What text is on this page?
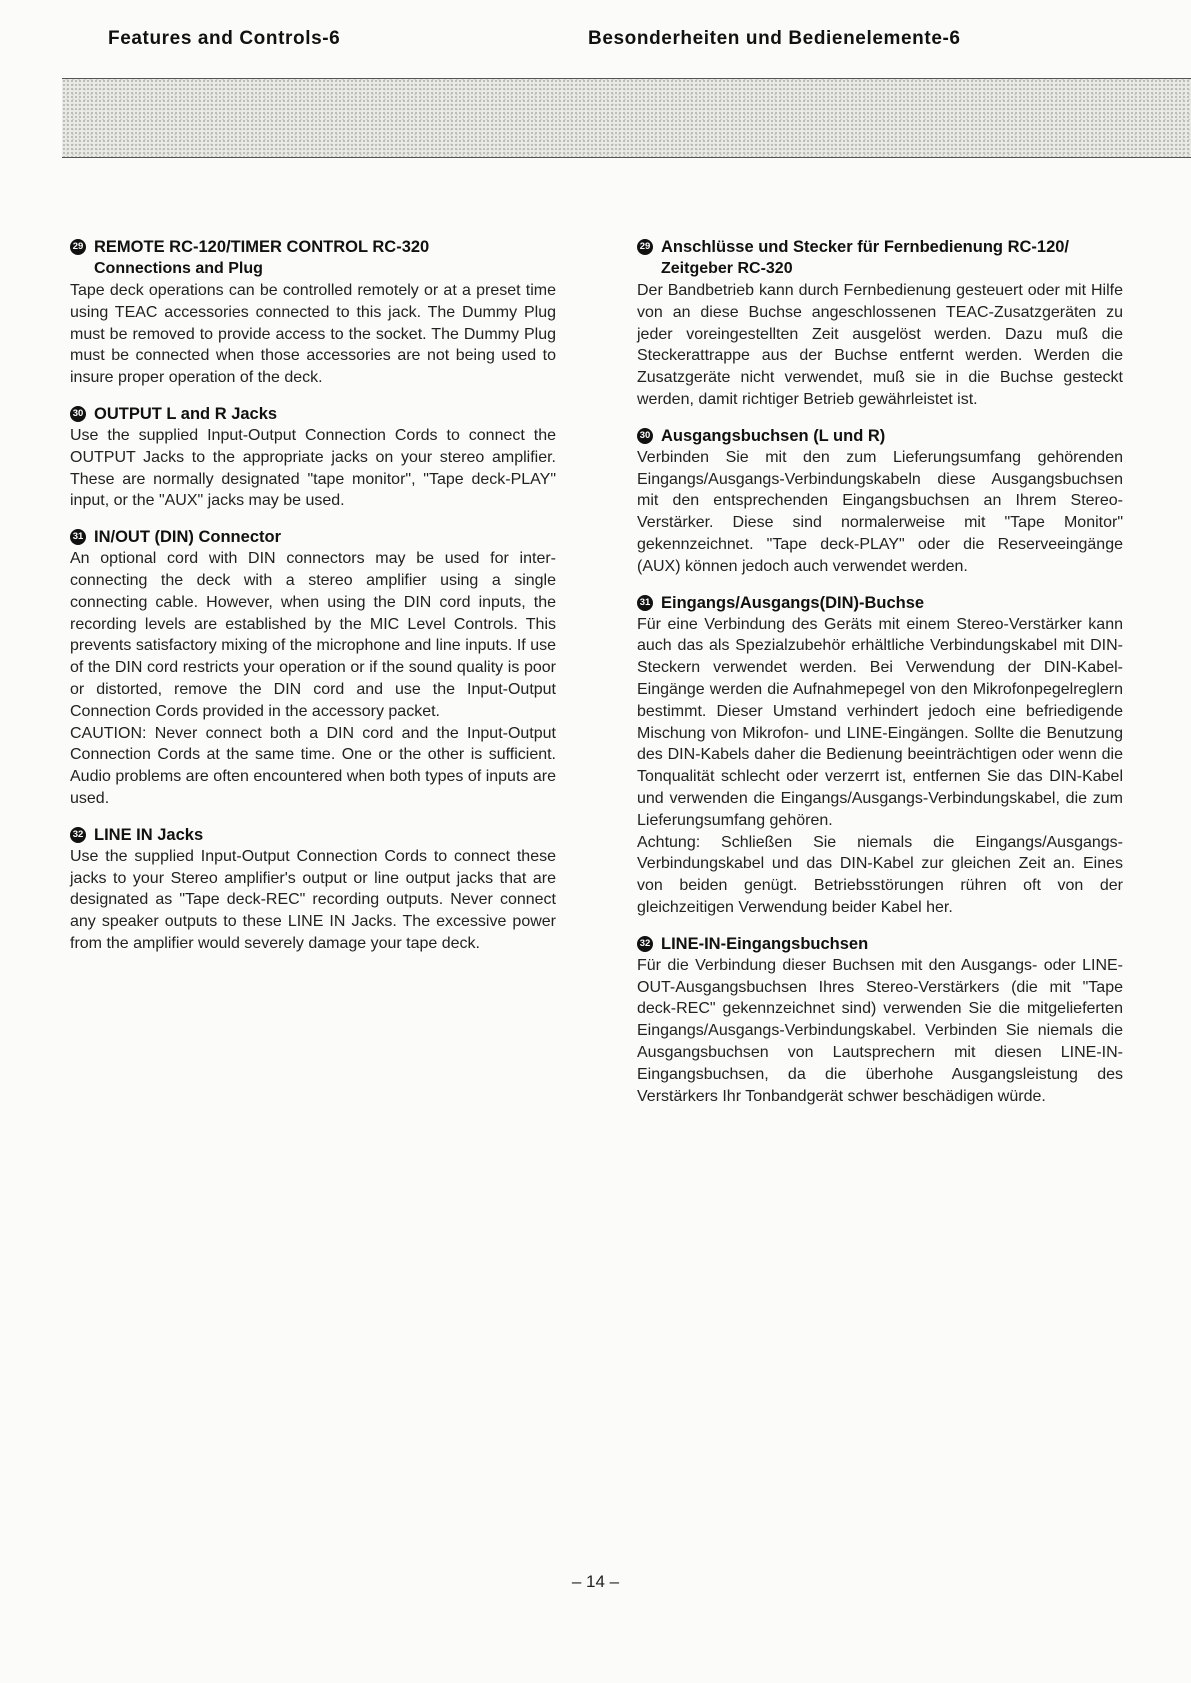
Features and Controls-6	Besonderheiten und Bedienelemente-6
29 REMOTE RC-120/TIMER CONTROL RC-320
Connections and Plug

Tape deck operations can be controlled remotely or at a preset time using TEAC accessories connected to this jack. The Dummy Plug must be removed to provide access to the socket. The Dummy Plug must be connected when those accessories are not being used to insure proper operation of the deck.

30 OUTPUT L and R Jacks

Use the supplied Input-Output Connection Cords to connect the OUTPUT Jacks to the appropriate jacks on your stereo amplifier. These are normally designated "tape monitor", "Tape deck-PLAY" input, or the "AUX" jacks may be used.

31 IN/OUT (DIN) Connector

An optional cord with DIN connectors may be used for inter-connecting the deck with a stereo amplifier using a single connecting cable. However, when using the DIN cord inputs, the recording levels are established by the MIC Level Controls. This prevents satisfactory mixing of the microphone and line inputs. If use of the DIN cord restricts your operation or if the sound quality is poor or distorted, remove the DIN cord and use the Input-Output Connection Cords provided in the accessory packet.

CAUTION: Never connect both a DIN cord and the Input-Output Connection Cords at the same time. One or the other is sufficient. Audio problems are often encountered when both types of inputs are used.

32 LINE IN Jacks

Use the supplied Input-Output Connection Cords to connect these jacks to your Stereo amplifier's output or line output jacks that are designated as "Tape deck-REC" recording outputs. Never connect any speaker outputs to these LINE IN Jacks. The excessive power from the amplifier would severely damage your tape deck.

29 Anschlüsse und Stecker für Fernbedienung RC-120/
Zeitgeber RC-320

Der Bandbetrieb kann durch Fernbedienung gesteuert oder mit Hilfe von an diese Buchse angeschlossenen TEAC-Zusatzgeräten zu jeder voreingestellten Zeit ausgelöst werden. Dazu muß die Steckerattrappe aus der Buchse entfernt werden. Werden die Zusatzgeräte nicht verwendet, muß sie in die Buchse gesteckt werden, damit richtiger Betrieb gewährleistet ist.

30 Ausgangsbuchsen (L und R)

Verbinden Sie mit den zum Lieferungsumfang gehörenden Eingangs/Ausgangs-Verbindungskabeln diese Ausgangsbuchsen mit den entsprechenden Eingangsbuchsen an Ihrem Stereo-Verstärker. Diese sind normalerweise mit "Tape Monitor" gekennzeichnet. "Tape deck-PLAY" oder die Reserveeingänge (AUX) können jedoch auch verwendet werden.

31 Eingangs/Ausgangs(DIN)-Buchse

Für eine Verbindung des Geräts mit einem Stereo-Verstärker kann auch das als Spezialzubehör erhältliche Verbindungskabel mit DIN-Steckern verwendet werden. Bei Verwendung der DIN-Kabel-Eingänge werden die Aufnahmepegel von den Mikrofonpegelreglern bestimmt. Dieser Umstand verhindert jedoch eine befriedigende Mischung von Mikrofon- und LINE-Eingängen. Sollte die Benutzung des DIN-Kabels daher die Bedienung beeinträchtigen oder wenn die Tonqualität schlecht oder verzerrt ist, entfernen Sie das DIN-Kabel und verwenden die Eingangs/Ausgangs-Verbindungskabel, die zum Lieferungsumfang gehören.

Achtung: Schließen Sie niemals die Eingangs/Ausgangs-Verbindungskabel und das DIN-Kabel zur gleichen Zeit an. Eines von beiden genügt. Betriebsstörungen rühren oft von der gleichzeitigen Verwendung beider Kabel her.

32 LINE-IN-Eingangsbuchsen

Für die Verbindung dieser Buchsen mit den Ausgangs- oder LINE-OUT-Ausgangsbuchsen Ihres Stereo-Verstärkers (die mit "Tape deck-REC" gekennzeichnet sind) verwenden Sie die mitgelieferten Eingangs/Ausgangs-Verbindungskabel. Verbinden Sie niemals die Ausgangsbuchsen von Lautsprechern mit diesen LINE-IN-Eingangsbuchsen, da die überhohe Ausgangsleistung des Verstärkers Ihr Tonbandgerät schwer beschädigen würde.

– 14 –
